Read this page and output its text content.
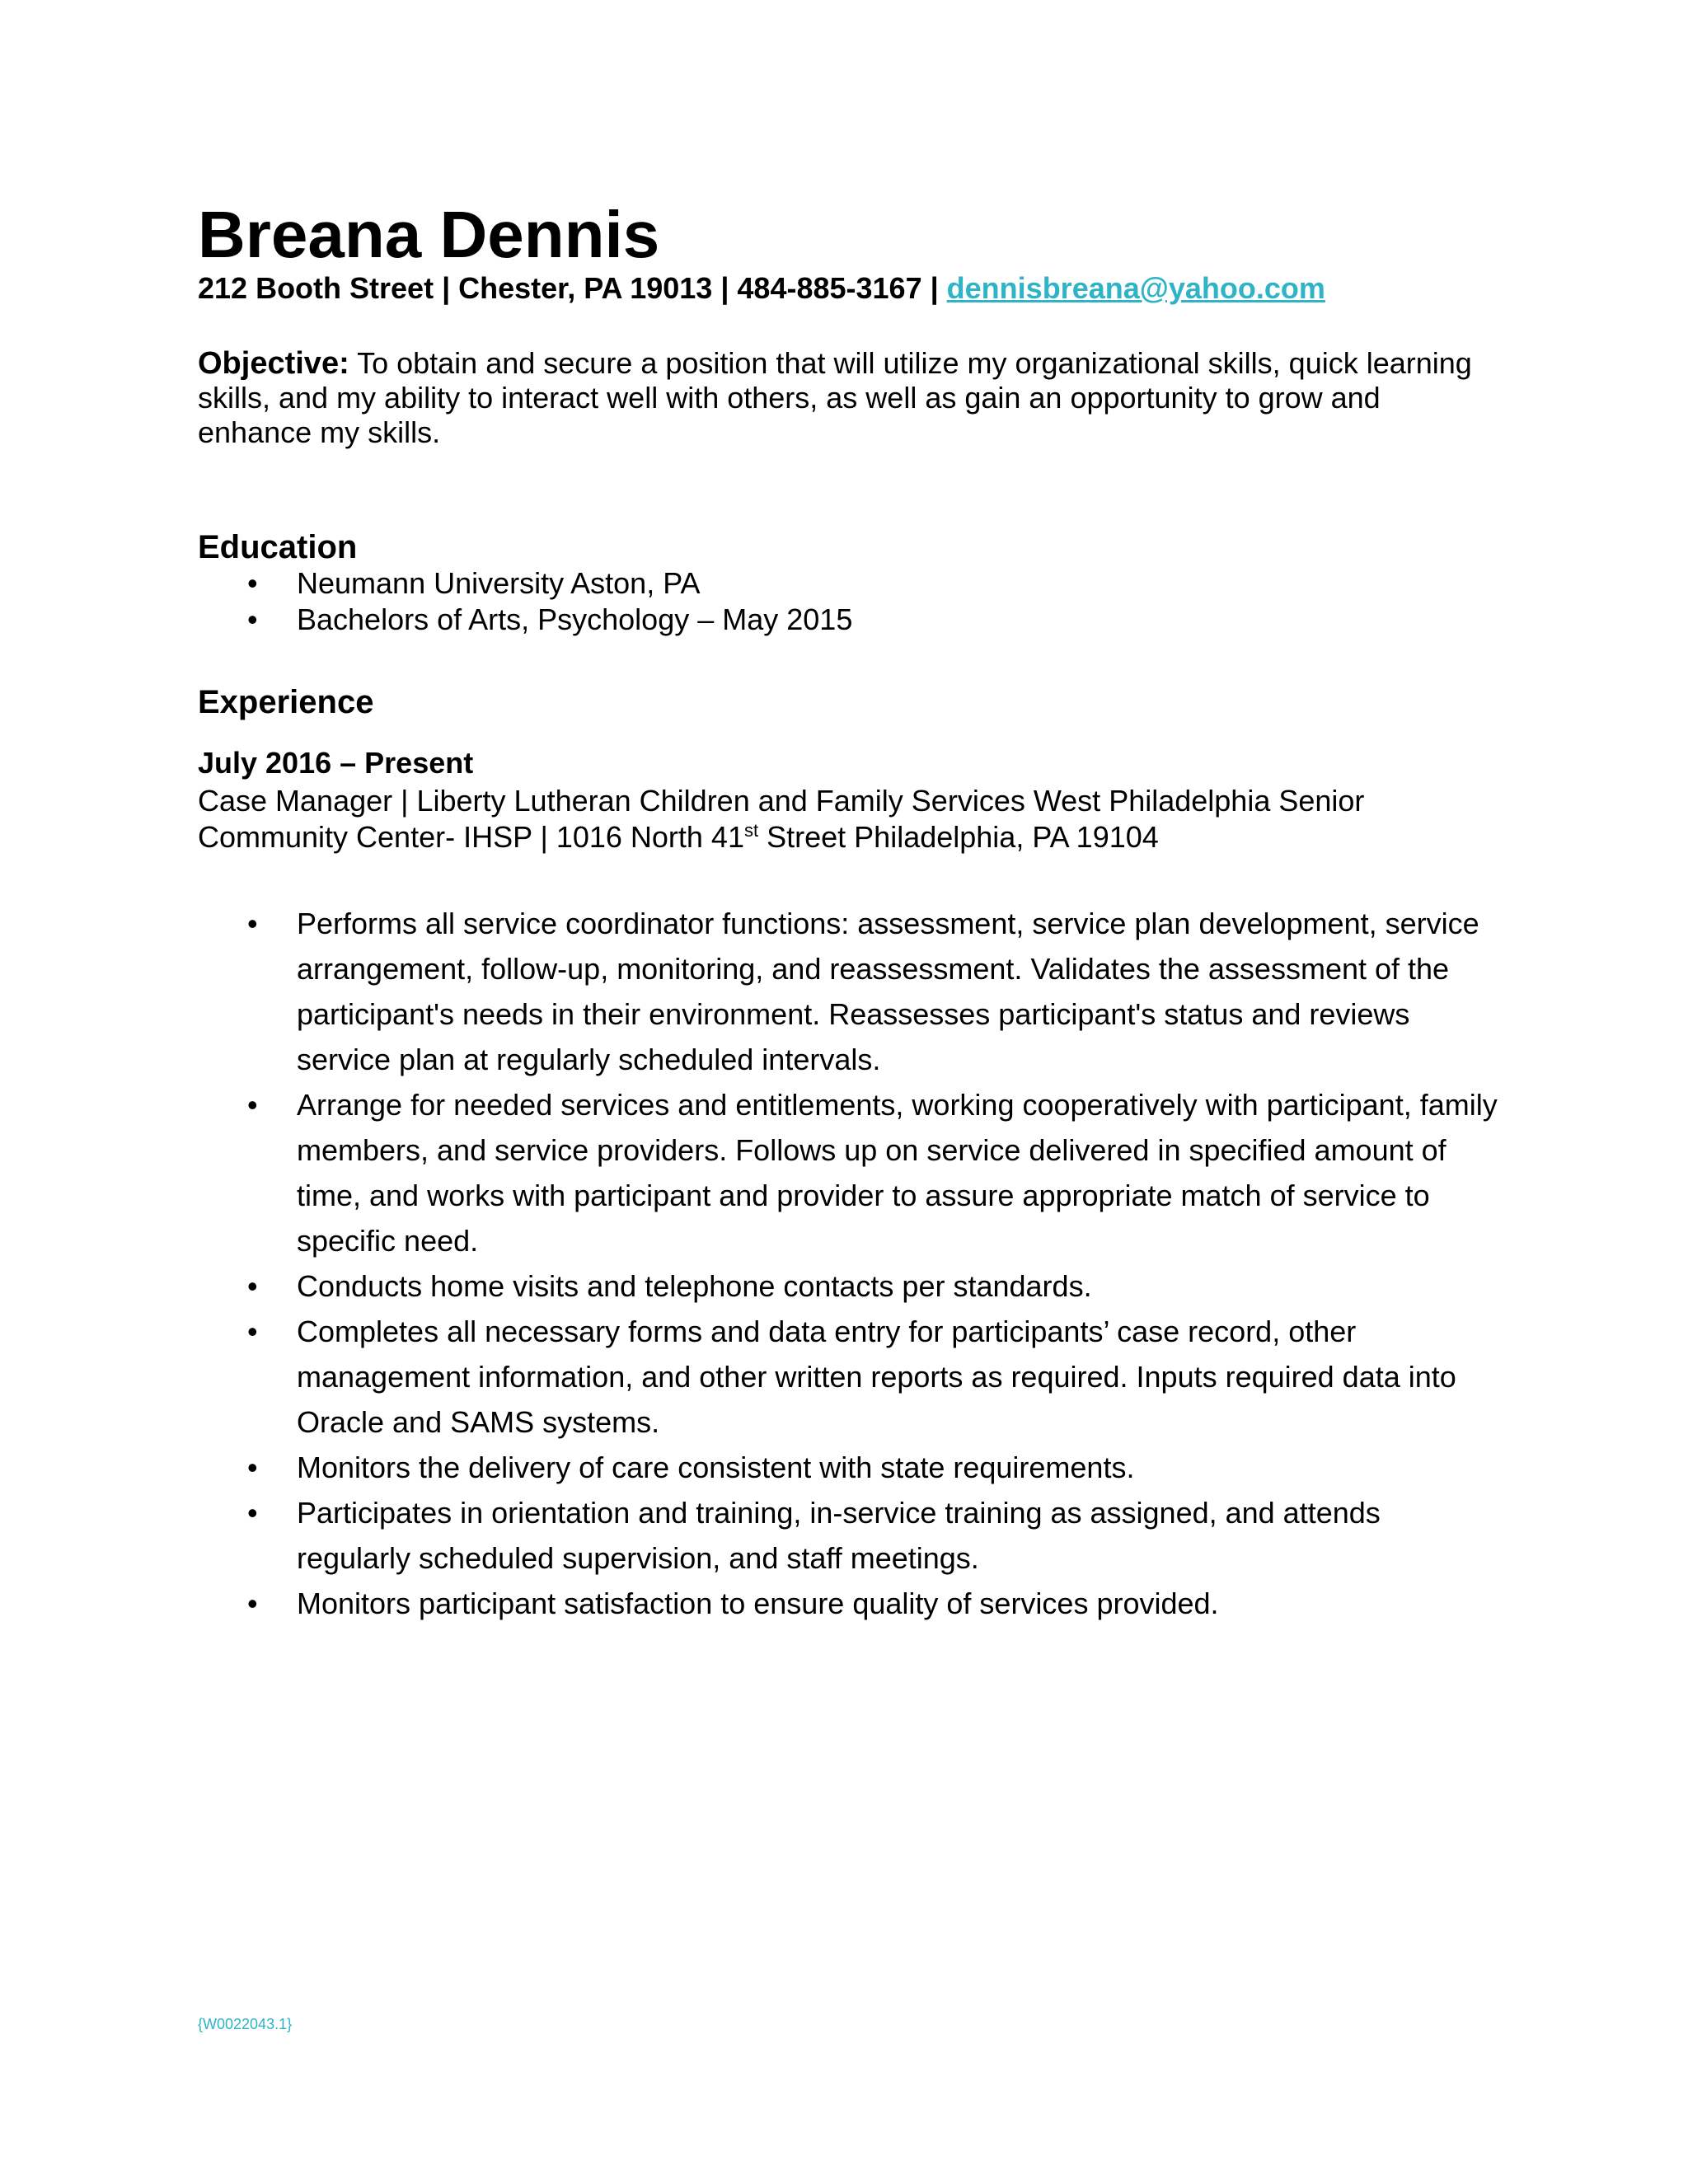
Breana Dennis
212 Booth Street | Chester, PA 19013 | 484-885-3167 | dennisbreana@yahoo.com
Objective: To obtain and secure a position that will utilize my organizational skills, quick learning skills, and my ability to interact well with others, as well as gain an opportunity to grow and enhance my skills.
Education
• Neumann University Aston, PA
• Bachelors of Arts, Psychology – May 2015
Experience
July 2016 – Present
Case Manager | Liberty Lutheran Children and Family Services West Philadelphia Senior Community Center- IHSP | 1016 North 41st Street Philadelphia, PA 19104
• Performs all service coordinator functions: assessment, service plan development, service arrangement, follow-up, monitoring, and reassessment. Validates the assessment of the participant's needs in their environment. Reassesses participant's status and reviews service plan at regularly scheduled intervals.
• Arrange for needed services and entitlements, working cooperatively with participant, family members, and service providers. Follows up on service delivered in specified amount of time, and works with participant and provider to assure appropriate match of service to specific need.
• Conducts home visits and telephone contacts per standards.
• Completes all necessary forms and data entry for participants’ case record, other management information, and other written reports as required. Inputs required data into Oracle and SAMS systems.
• Monitors the delivery of care consistent with state requirements.
• Participates in orientation and training, in-service training as assigned, and attends regularly scheduled supervision, and staff meetings.
• Monitors participant satisfaction to ensure quality of services provided.
{W0022043.1}
